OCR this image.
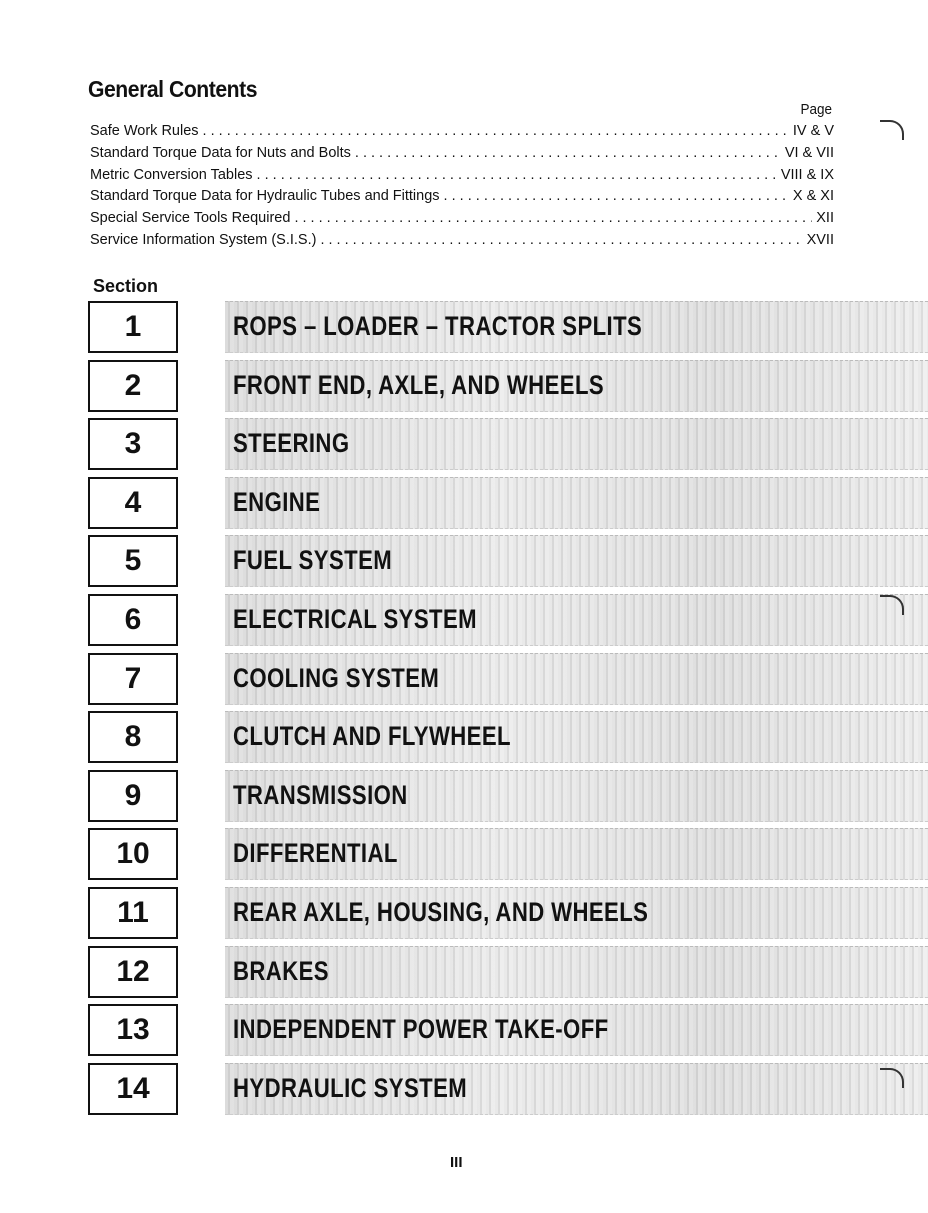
General Contents
Page
Safe Work Rules . . .	IV & V
Standard Torque Data for Nuts and Bolts . . .	VI & VII
Metric Conversion Tables . . .	VIII & IX
Standard Torque Data for Hydraulic Tubes and Fittings . . .	X & XI
Special Service Tools Required . . .	XII
Service Information System (S.I.S.) . . .	XVII
Section
1	ROPS – LOADER – TRACTOR SPLITS
2	FRONT END, AXLE, AND WHEELS
3	STEERING
4	ENGINE
5	FUEL SYSTEM
6	ELECTRICAL SYSTEM
7	COOLING SYSTEM
8	CLUTCH AND FLYWHEEL
9	TRANSMISSION
10	DIFFERENTIAL
11	REAR AXLE, HOUSING, AND WHEELS
12	BRAKES
13	INDEPENDENT POWER TAKE-OFF
14	HYDRAULIC SYSTEM
III
